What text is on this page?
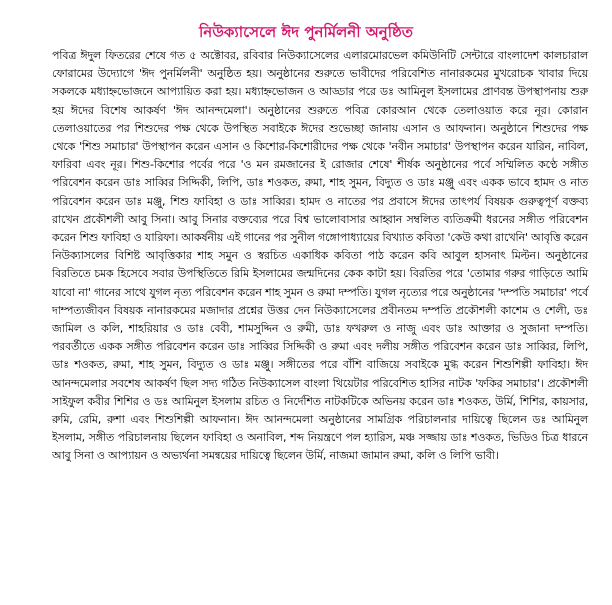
নিউক্যাসেলে ঈদ পুনর্মিলনী অনুষ্ঠিত

পবিত্র ঈদুল ফিতরের শেষে গত ৫ অক্টোবর, রবিবার নিউক্যাসেলের এলারমোরভেল কমিউনিটি সেন্টারে বাংলাদেশ কালচারাল ফোরামের উদ্যোগে 'ঈদ পুনর্মিলনী' অনুষ্ঠিত হয়। অনুষ্ঠানের শুরুতে ভাবীদের পরিবেশিত নানারকমের মুখরোচক খাবার দিয়ে সকলকে মধ্যাহ্নভোজনে আপ্যায়িত করা হয়। মধ্যাহ্নভোজন ও আড্ডার পরে ডঃ আমিনুল ইসলামের প্রাণবন্ত উপস্থাপনায় শুরু হয় ঈদের বিশেষ আকর্ষণ 'ঈদ আনন্দমেলা'। অনুষ্ঠানের শুরুতে পবিত্র কোরআন থেকে তেলাওয়াত করে নূর। কোরান তেলাওয়াতের পর শিশুদের পক্ষ থেকে উপস্থিত সবাইকে ঈদের শুভেচ্ছা জানায় এসান ও আফনান। অনুষ্ঠানে শিশুদের পক্ষ থেকে 'শিশু সমাচার' উপস্থাপন করেন এসান ও কিশোর-কিশোরীদের পক্ষ থেকে 'নবীন সমাচার' উপস্থাপন করেন যারিন, নাবিল, ফারিবা এবং নূর। শিশু-কিশোর পর্বের পরে 'ও মন রমজানের ই রোজার শেষে' শীর্ষক অনুষ্ঠানের পর্বে সম্মিলিত কণ্ঠে সঙ্গীত পরিবেশন করেন ডাঃ সাব্বির সিদ্দিকী, লিপি, ডাঃ শওকত, রুমা, শাহ সুমন, বিদ্যুত ও ডাঃ মঞ্জু এবং একক ভাবে হামদ ও নাত পরিবেশন করেন ডাঃ মঞ্জু, শিশু ফাবিহা ও ডাঃ সাব্বির। হামদ ও নাতের পর প্রবাসে ঈদের তাৎপর্য বিষয়ক গুরুত্বপূর্ণ বক্তব্য রাখেন প্রকৌশলী আবু সিনা। আবু সিনার বক্তব্যের পরে বিশ্ব ভালোবাসার আহ্বান সম্বলিত ব্যতিক্রমী ধরনের সঙ্গীত পরিবেশন করেন শিশু ফাবিহা ও যারিফা। আকর্ষনীয় এই গানের পর সুনীল গঙ্গোপাধ্যায়ের বিখ্যাত কবিতা 'কেউ কথা রাখেনি' আবৃত্তি করেন নিউক্যাসলের বিশিষ্ট আবৃত্তিকার শাহ সমুন ও স্বরচিত একাধিক কবিতা পাঠ করেন কবি আবুল হাসনাৎ মিল্টন। অনুষ্ঠানের বিরতিতে চমক হিসেবে সবার উপস্থিতিতে রিমি ইসলামের জন্মদিনের কেক কাটা হয়। বিরতির পরে 'তোমার গরুর গাড়িতে আমি যাবো না' গানের সাথে যুগল নৃত্য পরিবেশন করেন শাহ সুমন ও রুমা দম্পতি। যুগল নৃত্যের পরে অনুষ্ঠানের 'দম্পতি সমাচার' পর্বে দাম্পত্যজীবন বিষয়ক নানারকমের মজাদার প্রশ্নের উত্তর দেন নিউক্যাসেলের প্রবীনতম দম্পতি প্রকৌশলী কাশেম ও শেলী, ডঃ জামিল ও কলি, শাহরিয়ার ও ডাঃ বেবী, শামসুদ্দিন ও রুমী, ডাঃ ফখরুল ও নাজু এবং ডাঃ আক্তার ও সুজানা দম্পতি। পরবর্তীতে একক সঙ্গীত পরিবেশন করেন ডাঃ সাব্বির সিদ্দিকী ও রুমা এবং দলীয় সঙ্গীত পরিবেশন করেন ডাঃ সাব্বির, লিপি, ডাঃ শওকত, রুমা, শাহ সুমন, বিদ্যুত ও ডাঃ মঞ্জু। সঙ্গীতের পরে বাঁশি বাজিয়ে সবাইকে মুগ্ধ করেন শিশুশিল্পী ফাবিহা। ঈদ আনন্দমেলার সবশেষ আকর্ষণ ছিল সদ্য গঠিত নিউক্যাসেল বাংলা থিয়েটার পরিবেশিত হাসির নাটক 'ফকির সমাচার'। প্রকৌশলী সাইফুল কবীর শিশির ও ডঃ আমিনুল ইসলাম রচিত ও নির্দেশিত নাটকটিকে অভিনয় করেন ডাঃ শওকত, উর্মি, শিশির, কায়সার, রুমি, রেমি, রুশা এবং শিশুশিল্পী আফনান। ঈদ আনন্দমেলা অনুষ্ঠানের সামগ্রিক পরিচালনার দায়িত্বে ছিলেন ডঃ আমিনুল ইসলাম, সঙ্গীত পরিচালনায় ছিলেন ফাবিহা ও অনাবিল, শব্দ নিয়ন্ত্রণে পল হ্যারিস, মঞ্চ সজ্জায় ডাঃ শওকত, ভিডিও চিত্র ধারনে আবু সিনা ও আপ্যায়ন ও অভ্যর্থনা সমন্বয়ের দায়িত্বে ছিলেন উর্মি, নাজমা জামান রুমা, কলি ও লিপি ভাবী।
